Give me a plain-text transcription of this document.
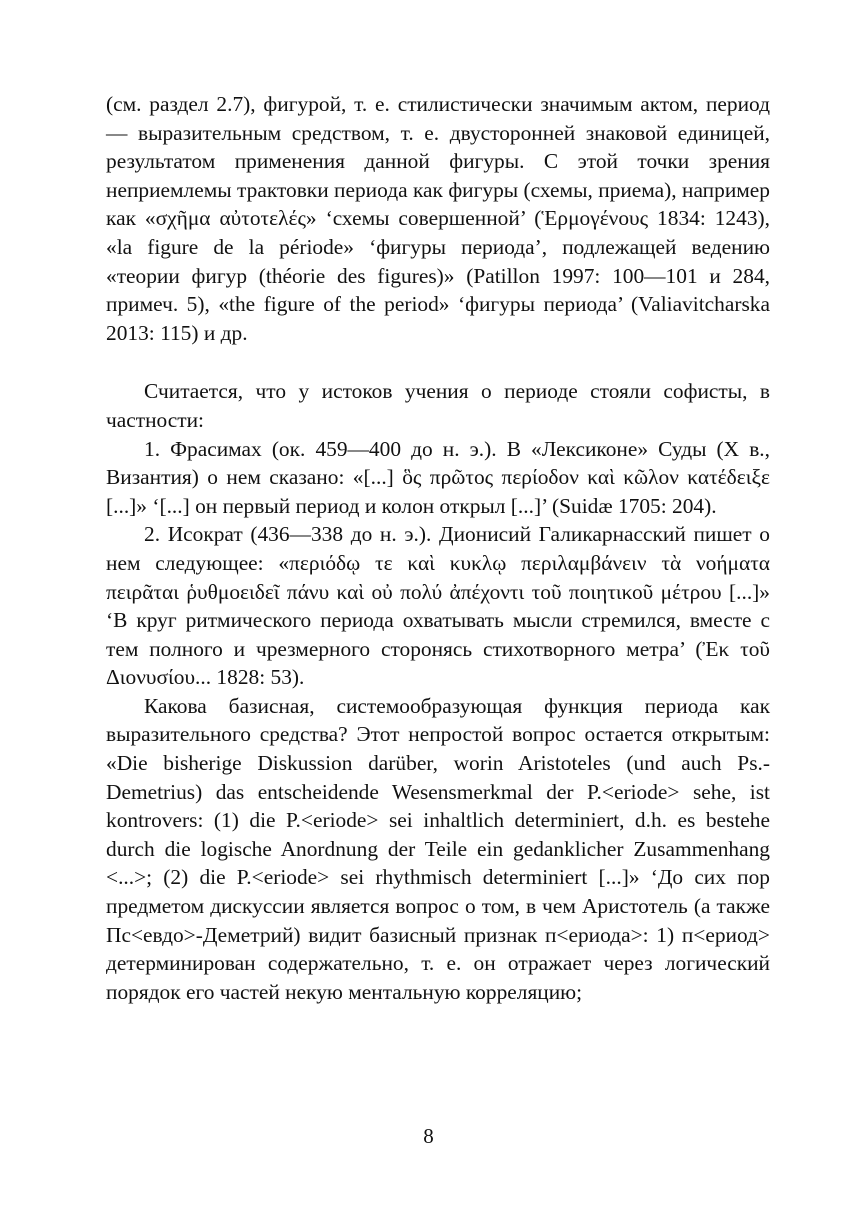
(см. раздел 2.7), фигурой, т. е. стилистически значимым актом, период — выразительным средством, т. е. двусторонней знаковой единицей, результатом применения данной фигуры. С этой точки зрения неприемлемы трактовки периода как фигуры (схемы, приема), например как «σχῆμα αὐτοτελές» ‘схемы совершенной’ (Ἑρμογένους 1834: 1243), «la figure de la période» ‘фигуры периода’, подлежащей ведению «теории фигур (théorie des figures)» (Patillon 1997: 100—101 и 284, примеч. 5), «the figure of the period» ‘фигуры периода’ (Valiavitcharska 2013: 115) и др.

Считается, что у истоков учения о периоде стояли софисты, в частности:

1. Фрасимах (ок. 459—400 до н. э.). В «Лексиконе» Суды (X в., Византия) о нем сказано: «[...] ὃς πρῶτος περίοδον καὶ κῶλον κατέδειξε [...]» ‘[...] он первый период и колон открыл [...]’ (Suidæ 1705: 204).

2. Исократ (436—338 до н. э.). Дионисий Галикарнасский пишет о нем следующее: «περιόδῳ τε καὶ κυκλῳ περιλαμβάνειν τὰ νοήματα πειρᾶται ῥυθμοειδεῖ πάνυ καὶ οὐ πολύ ἀπέχοντι τοῦ ποιητικοῦ μέτρου [...]» ‘В круг ритмического периода охватывать мысли стремился, вместе с тем полного и чрезмерного сторонясь стихотворного метра’ (Ἐκ τοῦ Διονυσίου... 1828: 53).

Какова базисная, системообразующая функция периода как выразительного средства? Этот непростой вопрос остается открытым: «Die bisherige Diskussion darüber, worin Aristoteles (und auch Ps.-Demetrius) das entscheidende Wesensmerkmal der P.<eriode> sehe, ist kontrovers: (1) die P.<eriode> sei inhaltlich determiniert, d.h. es bestehe durch die logische Anordnung der Teile ein gedanklicher Zusammenhang <...>; (2) die P.<eriode> sei rhythmisch determiniert [...]» ‘До сих пор предметом дискуссии является вопрос о том, в чем Аристотель (а также Пс<евдо>-Деметрий) видит базисный признак п<ериода>: 1) п<ериод> детерминирован содержательно, т. е. он отражает через логический порядок его частей некую ментальную корреляцию;

8
